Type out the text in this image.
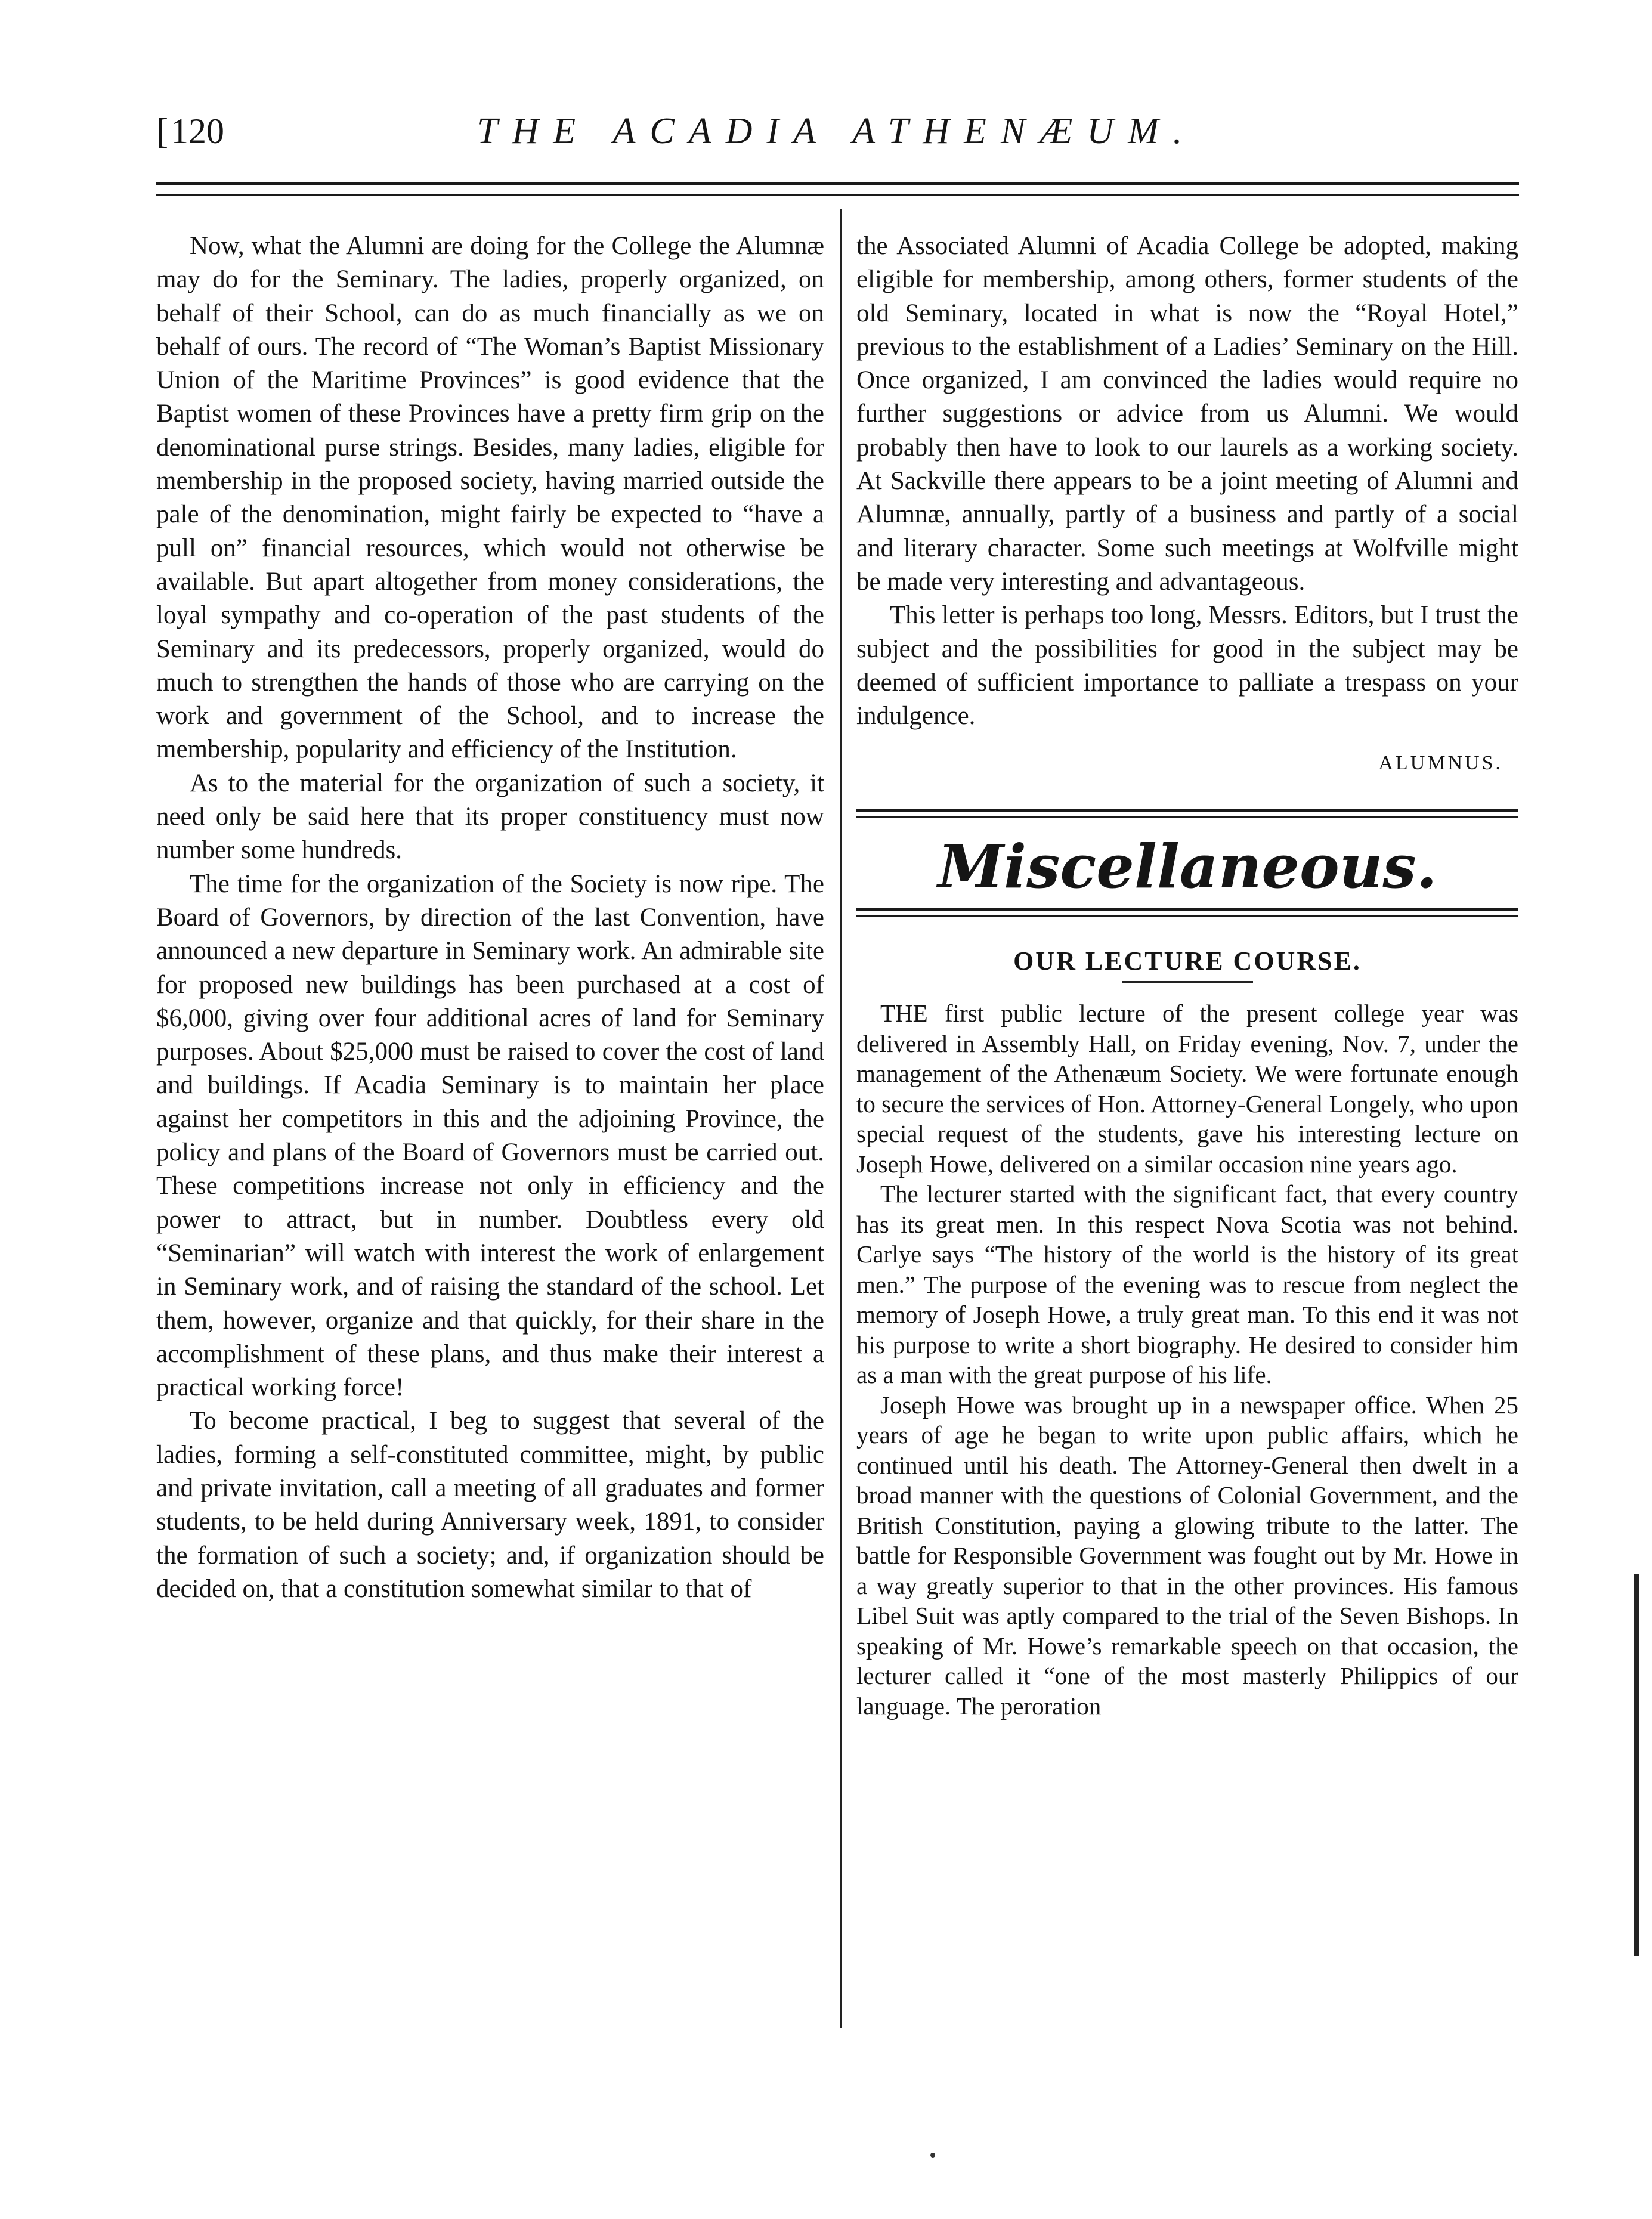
[ 120	THE ACADIA ATHENÆUM.

Now, what the Alumni are doing for the College the Alumnæ may do for the Seminary. The ladies, properly organized, on behalf of their School, can do as much financially as we on behalf of ours. The record of “The Woman’s Baptist Missionary Union of the Maritime Provinces” is good evidence that the Baptist women of these Provinces have a pretty firm grip on the denominational purse strings. Besides, many ladies, eligible for membership in the proposed society, having married outside the pale of the denomination, might fairly be expected to “have a pull on” financial resources, which would not otherwise be available. But apart altogether from money considerations, the loyal sympathy and co-operation of the past students of the Seminary and its predecessors, properly organized, would do much to strengthen the hands of those who are carrying on the work and government of the School, and to increase the membership, popularity and efficiency of the Institution.

As to the material for the organization of such a society, it need only be said here that its proper constituency must now number some hundreds.

The time for the organization of the Society is now ripe. The Board of Governors, by direction of the last Convention, have announced a new departure in Seminary work. An admirable site for proposed new buildings has been purchased at a cost of $6,000, giving over four additional acres of land for Seminary purposes. About $25,000 must be raised to cover the cost of land and buildings. If Acadia Seminary is to maintain her place against her competitors in this and the adjoining Province, the policy and plans of the Board of Governors must be carried out. These competitions increase not only in efficiency and the power to attract, but in number. Doubtless every old “Seminarian” will watch with interest the work of enlargement in Seminary work, and of raising the standard of the school. Let them, however, organize and that quickly, for their share in the accomplishment of these plans, and thus make their interest a practical working force!

To become practical, I beg to suggest that several of the ladies, forming a self-constituted committee, might, by public and private invitation, call a meeting of all graduates and former students, to be held during Anniversary week, 1891, to consider the formation of such a society; and, if organization should be decided on, that a constitution somewhat similar to that of

the Associated Alumni of Acadia College be adopted, making eligible for membership, among others, former students of the old Seminary, located in what is now the “Royal Hotel,” previous to the establishment of a Ladies’ Seminary on the Hill. Once organized, I am convinced the ladies would require no further suggestions or advice from us Alumni. We would probably then have to look to our laurels as a working society. At Sackville there appears to be a joint meeting of Alumni and Alumnæ, annually, partly of a business and partly of a social and literary character. Some such meetings at Wolfville might be made very interesting and advantageous.

This letter is perhaps too long, Messrs. Editors, but I trust the subject and the possibilities for good in the subject may be deemed of sufficient importance to palliate a trespass on your indulgence.

ALUMNUS.
Miscellaneous.
OUR LECTURE COURSE.

THE first public lecture of the present college year was delivered in Assembly Hall, on Friday evening, Nov. 7, under the management of the Athenæum Society. We were fortunate enough to secure the services of Hon. Attorney-General Longely, who upon special request of the students, gave his interesting lecture on Joseph Howe, delivered on a similar occasion nine years ago.

The lecturer started with the significant fact, that every country has its great men. In this respect Nova Scotia was not behind. Carlye says “The history of the world is the history of its great men.” The purpose of the evening was to rescue from neglect the memory of Joseph Howe, a truly great man. To this end it was not his purpose to write a short biography. He desired to consider him as a man with the great purpose of his life.

Joseph Howe was brought up in a newspaper office. When 25 years of age he began to write upon public affairs, which he continued until his death. The Attorney-General then dwelt in a broad manner with the questions of Colonial Government, and the British Constitution, paying a glowing tribute to the latter. The battle for Responsible Government was fought out by Mr. Howe in a way greatly superior to that in the other provinces. His famous Libel Suit was aptly compared to the trial of the Seven Bishops. In speaking of Mr. Howe’s remarkable speech on that occasion, the lecturer called it “one of the most masterly Philippics of our language. The peroration
